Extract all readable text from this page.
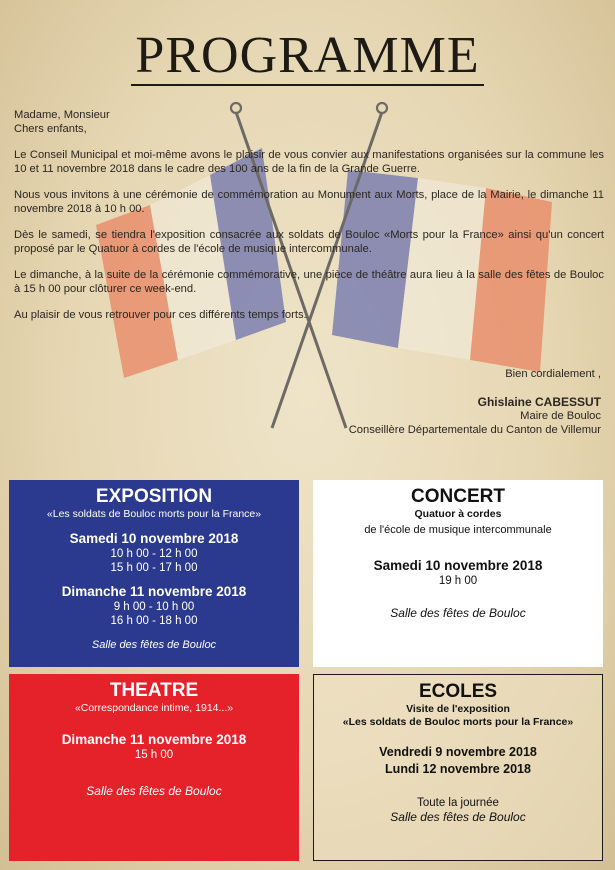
PROGRAMME

Madame, Monsieur
Chers enfants,

Le Conseil Municipal et moi-même avons le plaisir de vous convier aux manifestations organisées sur la commune les 10 et 11 novembre 2018 dans le cadre des 100 ans de la fin de la Grande Guerre.

Nous vous invitons à une cérémonie de commémoration au Monument aux Morts, place de la Mairie, le dimanche 11 novembre 2018 à 10 h 00.

Dès le samedi, se tiendra l'exposition consacrée aux soldats de Bouloc «Morts pour la France» ainsi qu'un concert proposé par le Quatuor à cordes de l'école de musique intercommunale.

Le dimanche, à la suite de la cérémonie commémorative, une pièce de théâtre aura lieu à la salle des fêtes de Bouloc à 15 h 00 pour clôturer ce week-end.

Au plaisir de vous retrouver pour ces différents temps forts.

Bien cordialement ,
Ghislaine CABESSUT
Maire de Bouloc
Conseillère Départementale du Canton de Villemur
EXPOSITION
«Les soldats de Bouloc morts pour la France»
Samedi 10 novembre 2018
10 h 00 - 12 h 00
15 h 00 - 17 h 00
Dimanche 11 novembre 2018
9 h 00 - 10 h 00
16 h 00 - 18 h 00
Salle des fêtes de Bouloc
CONCERT
Quatuor à cordes
de l'école de musique intercommunale
Samedi 10 novembre 2018
19 h 00
Salle des fêtes de Bouloc
THEATRE
«Correspondance intime, 1914...»
Dimanche 11 novembre 2018
15 h 00
Salle des fêtes de Bouloc
ECOLES
Visite de l'exposition
«Les soldats de Bouloc morts pour la France»
Vendredi 9 novembre 2018
Lundi 12 novembre 2018
Toute la journée
Salle des fêtes de Bouloc
